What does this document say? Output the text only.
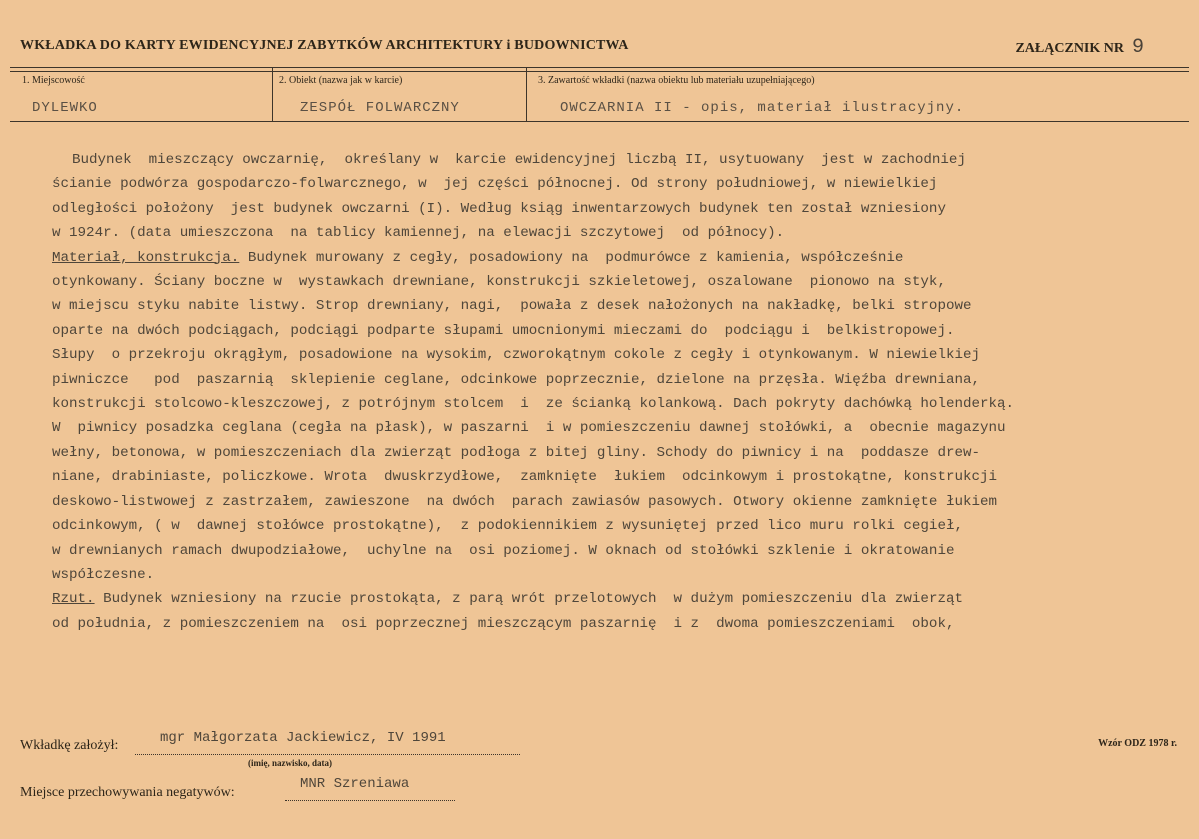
WKŁADKA DO KARTY EWIDENCYJNEJ ZABYTKÓW ARCHITEKTURY i BUDOWNICTWA	ZAŁĄCZNIK NR 9
1. Miejscowość
DYLEWKO
2. Obiekt (nazwa jak w karcie)
ZESPÓŁ FOLWARCZNY
3. Zawartość wkładki (nazwa obiektu lub materiału uzupełniającego)
OWCZARNIA II - opis, materiał ilustracyjny.

Budynek  mieszczący owczarnię,  określany w  karcie ewidencyjnej liczbą II, usytuowany  jest w zachodniej

ścianie podwórza gospodarczo-folwarcznego, w  jej części północnej. Od strony południowej, w niewielkiej

odległości położony  jest budynek owczarni (I). Według ksiąg inwentarzowych budynek ten został wzniesiony

w 1924r. (data umieszczona  na tablicy kamiennej, na elewacji szczytowej  od północy).

Materiał, konstrukcja. Budynek murowany z cegły, posadowiony na  podmurówce z kamienia, współcześnie

otynkowany. Ściany boczne w  wystawkach drewniane, konstrukcji szkieletowej, oszalowane  pionowo na styk,

w miejscu styku nabite listwy. Strop drewniany, nagi,  powała z desek nałożonych na nakładkę, belki stropowe

oparte na dwóch podciągach, podciągi podparte słupami umocnionymi mieczami do  podciągu i  belkistropowej.

Słupy  o przekroju okrągłym, posadowione na wysokim, czworokątnym cokole z cegły i otynkowanym. W niewielkiej

piwniczce   pod  paszarnią  sklepienie ceglane, odcinkowe poprzecznie, dzielone na przęsła. Więźba drewniana,

konstrukcji stolcowo-kleszczowej, z potrójnym stolcem  i  ze ścianką kolankową. Dach pokryty dachówką holenderką.

W  piwnicy posadzka ceglana (cegła na płask), w paszarni  i w pomieszczeniu dawnej stołówki, a  obecnie magazynu

wełny, betonowa, w pomieszczeniach dla zwierząt podłoga z bitej gliny. Schody do piwnicy i na  poddasze drew-

niane, drabiniaste, policzkowe. Wrota  dwuskrzydłowe,  zamknięte  łukiem  odcinkowym i prostokątne, konstrukcji

deskowo-listwowej z zastrzałem, zawieszone  na dwóch  parach zawiasów pasowych. Otwory okienne zamknięte łukiem

odcinkowym, ( w  dawnej stołówce prostokątne),  z podokiennikiem z wysuniętej przed lico muru rolki cegieł,

w drewnianych ramach dwupodziałowe,  uchylne na  osi poziomej. W oknach od stołówki szklenie i okratowanie

współczesne.

Rzut. Budynek wzniesiony na rzucie prostokąta, z parą wrót przelotowych  w dużym pomieszczeniu dla zwierząt

od południa, z pomieszczeniem na  osi poprzecznej mieszczącym paszarnię  i z  dwoma pomieszczeniami  obok,

Wkładkę założył:	mgr Małgorzata Jackiewicz, IV 1991
(imię, nazwisko, data)
Miejsce przechowywania negatywów:
MNR Szreniawa
Wzór ODZ 1978 r.
